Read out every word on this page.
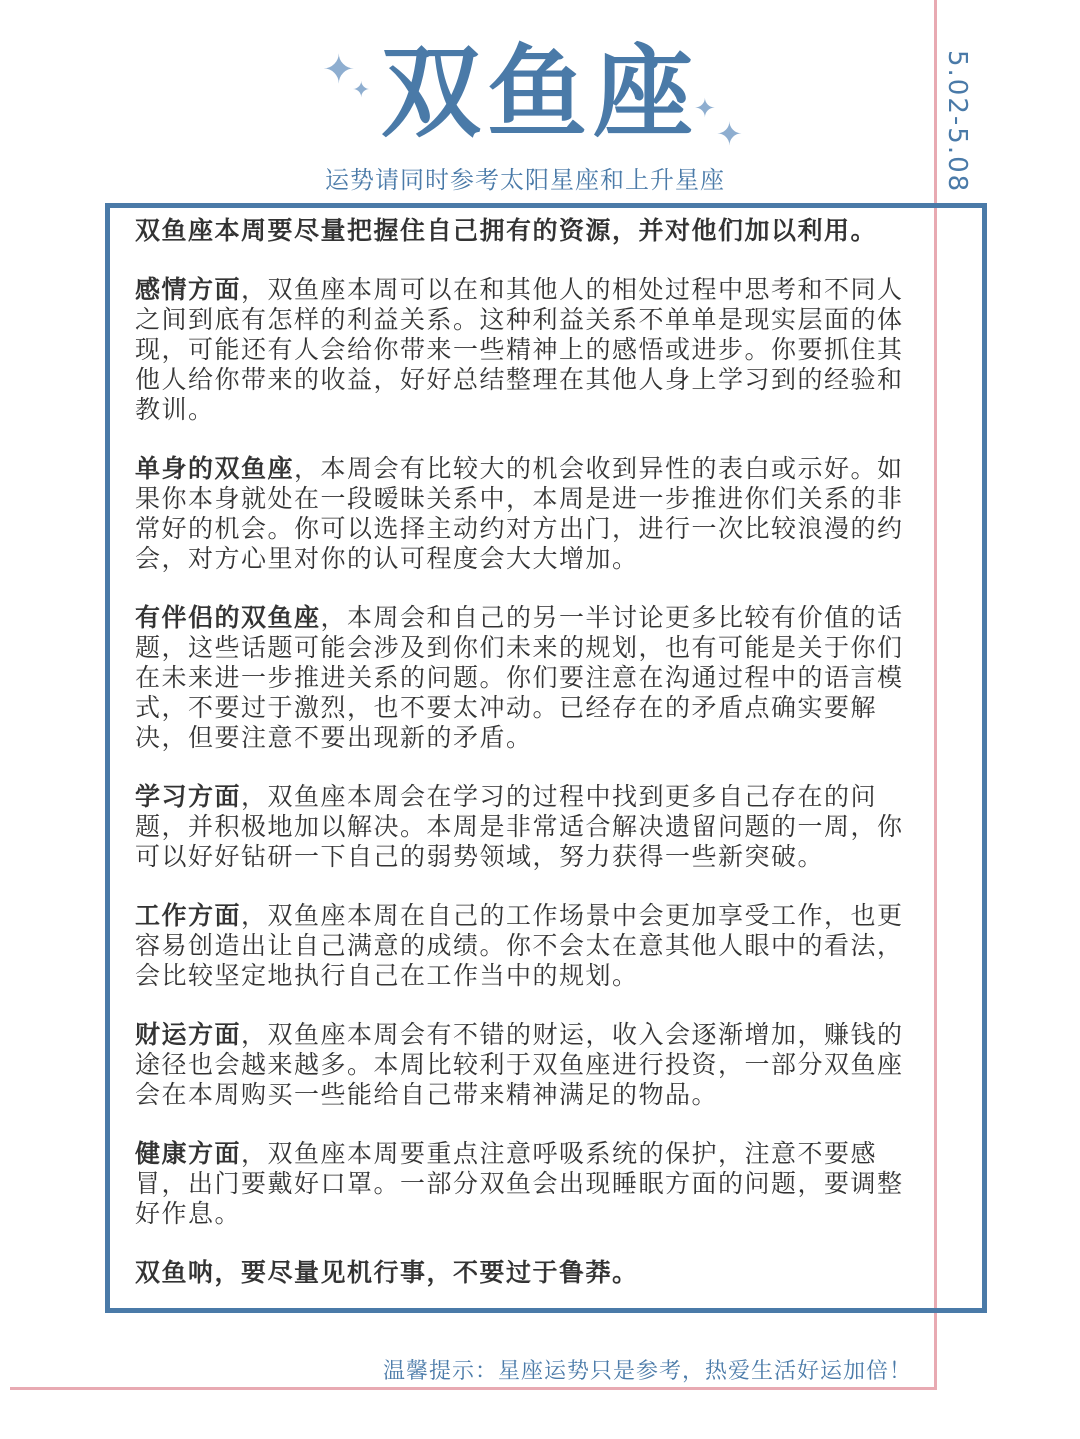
✦
✦
✦
✦
双鱼座
运势请同时参考太阳星座和上升星座	5.02-5.08

双鱼座本周要尽量把握住自己拥有的资源，并对他们加以利用。

感情方面，双鱼座本周可以在和其他人的相处过程中思考和不同人之间到底有怎样的利益关系。这种利益关系不单单是现实层面的体现，可能还有人会给你带来一些精神上的感悟或进步。你要抓住其他人给你带来的收益，好好总结整理在其他人身上学习到的经验和教训。

单身的双鱼座，本周会有比较大的机会收到异性的表白或示好。如果你本身就处在一段暧昧关系中，本周是进一步推进你们关系的非常好的机会。你可以选择主动约对方出门，进行一次比较浪漫的约会，对方心里对你的认可程度会大大增加。

有伴侣的双鱼座，本周会和自己的另一半讨论更多比较有价值的话题，这些话题可能会涉及到你们未来的规划，也有可能是关于你们在未来进一步推进关系的问题。你们要注意在沟通过程中的语言模式，不要过于激烈，也不要太冲动。已经存在的矛盾点确实要解决，但要注意不要出现新的矛盾。

学习方面，双鱼座本周会在学习的过程中找到更多自己存在的问题，并积极地加以解决。本周是非常适合解决遗留问题的一周，你可以好好钻研一下自己的弱势领域，努力获得一些新突破。

工作方面，双鱼座本周在自己的工作场景中会更加享受工作，也更容易创造出让自己满意的成绩。你不会太在意其他人眼中的看法，会比较坚定地执行自己在工作当中的规划。

财运方面，双鱼座本周会有不错的财运，收入会逐渐增加，赚钱的途径也会越来越多。本周比较利于双鱼座进行投资，一部分双鱼座会在本周购买一些能给自己带来精神满足的物品。

健康方面，双鱼座本周要重点注意呼吸系统的保护，注意不要感冒，出门要戴好口罩。一部分双鱼会出现睡眠方面的问题，要调整好作息。

双鱼呐，要尽量见机行事，不要过于鲁莽。

温馨提示：星座运势只是参考，热爱生活好运加倍！
